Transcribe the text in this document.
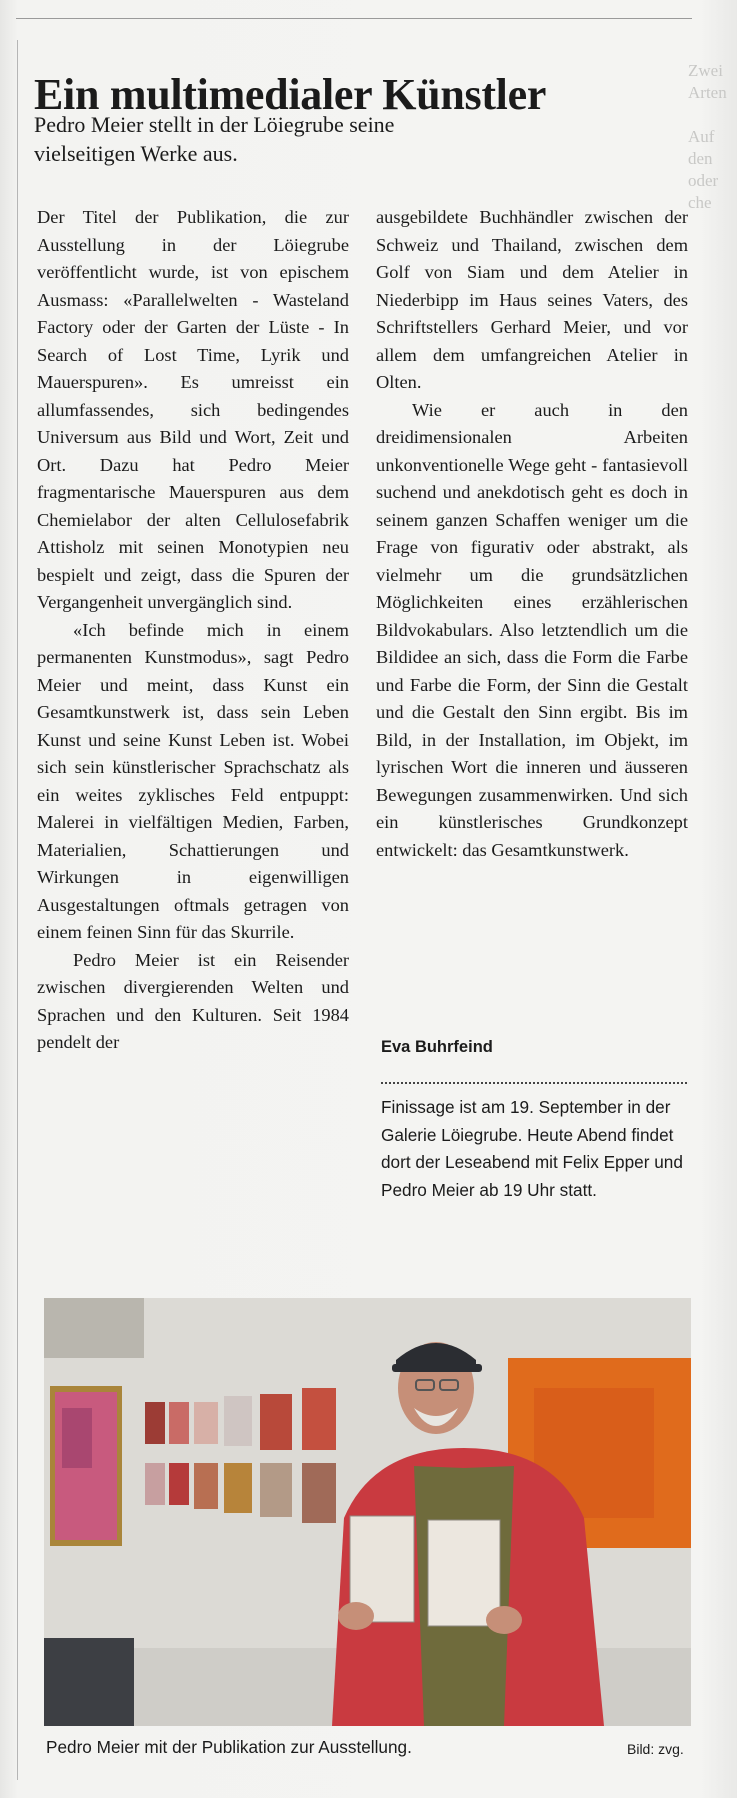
Zwei
Arten

Auf
den
oder
che
Ein multimedialer Künstler
Pedro Meier stellt in der Löiegrube seine vielseitigen Werke aus.

Der Titel der Publikation, die zur Ausstellung in der Löiegrube veröffentlicht wurde, ist von epischem Ausmass: «Parallelwelten - Wasteland Factory oder der Garten der Lüste - In Search of Lost Time, Lyrik und Mauerspuren». Es umreisst ein allumfassendes, sich bedingendes Universum aus Bild und Wort, Zeit und Ort. Dazu hat Pedro Meier fragmentarische Mauerspuren aus dem Chemielabor der alten Cellulosefabrik Attisholz mit seinen Monotypien neu bespielt und zeigt, dass die Spuren der Vergangenheit unvergänglich sind.

«Ich befinde mich in einem permanenten Kunstmodus», sagt Pedro Meier und meint, dass Kunst ein Gesamtkunstwerk ist, dass sein Leben Kunst und seine Kunst Leben ist. Wobei sich sein künstlerischer Sprachschatz als ein weites zyklisches Feld entpuppt: Malerei in vielfältigen Medien, Farben, Materialien, Schattierungen und Wirkungen in eigenwilligen Ausgestaltungen oftmals getragen von einem feinen Sinn für das Skurrile.

Pedro Meier ist ein Reisender zwischen divergierenden Welten und Sprachen und den Kulturen. Seit 1984 pendelt der

ausgebildete Buchhändler zwischen der Schweiz und Thailand, zwischen dem Golf von Siam und dem Atelier in Niederbipp im Haus seines Vaters, des Schriftstellers Gerhard Meier, und vor allem dem umfangreichen Atelier in Olten.

Wie er auch in den dreidimensionalen Arbeiten unkonventionelle Wege geht - fantasievoll suchend und anekdotisch geht es doch in seinem ganzen Schaffen weniger um die Frage von figurativ oder abstrakt, als vielmehr um die grundsätzlichen Möglichkeiten eines erzählerischen Bildvokabulars. Also letztendlich um die Bildidee an sich, dass die Form die Farbe und Farbe die Form, der Sinn die Gestalt und die Gestalt den Sinn ergibt. Bis im Bild, in der Installation, im Objekt, im lyrischen Wort die inneren und äusseren Bewegungen zusammenwirken. Und sich ein künstlerisches Grundkonzept entwickelt: das Gesamtkunstwerk.

Eva Buhrfeind
Finissage ist am 19. September in der Galerie Löiegrube. Heute Abend findet dort der Leseabend mit Felix Epper und Pedro Meier ab 19 Uhr statt.
Pedro Meier mit der Publikation zur Ausstellung.	Bild: zvg.
